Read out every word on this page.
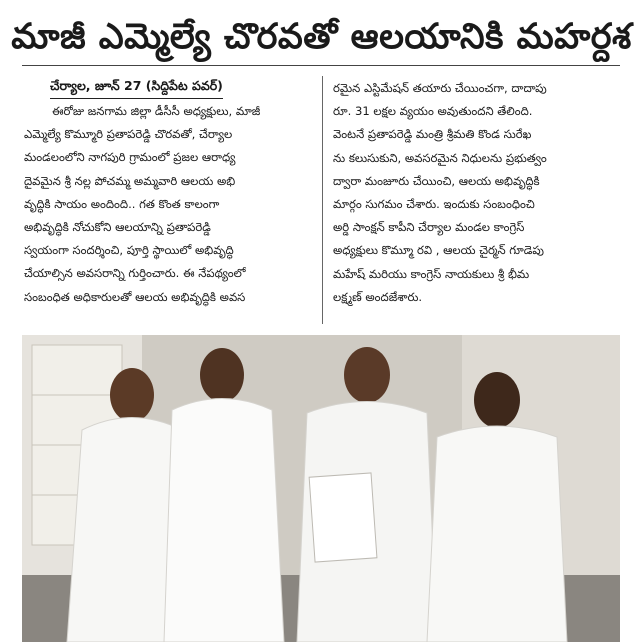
మాజీ ఎమ్మెల్యే చొరవతో ఆలయానికి మహర్దశ
చేర్యాల, జూన్ 27 (సిద్దిపేట పవర్)

ఈరోజు జనగామ జిల్లా డీసీసీ అధ్యక్షులు, మాజీ

ఎమ్మెల్యే కొమ్మూరి ప్రతాపరెడ్డి చొరవతో, చేర్యాల

మండలంలోని నాగపురి గ్రామంలో ప్రజల ఆరాధ్య

దైవమైన శ్రీ నల్ల పోచమ్మ అమ్మవారి ఆలయ అభి

వృద్ధికి సాయం అందింది.. గత కొంత కాలంగా

అభివృద్ధికి నోచుకోని ఆలయాన్ని ప్రతాపరెడ్డి

స్వయంగా సందర్శించి, పూర్తి స్థాయిలో అభివృద్ధి

చేయాల్సిన అవసరాన్ని గుర్తించారు. ఈ నేపథ్యంలో

సంబంధిత అధికారులతో ఆలయ అభివృద్ధికి అవస

రమైన ఎస్టిమేషన్ తయారు చేయించగా, దాదాపు

రూ. 31 లక్షల వ్యయం అవుతుందని తేలింది.

వెంటనే ప్రతాపరెడ్డి మంత్రి శ్రీమతి కొండ సురేఖ

ను కలుసుకుని, అవసరమైన నిధులను ప్రభుత్వం

ద్వారా మంజూరు చేయించి, ఆలయ అభివృద్ధికి

మార్గం సుగమం చేశారు. ఇందుకు సంబంధించి

అర్డి సాంక్షన్ కాపీని చేర్యాల మండల కాంగ్రెస్

అధ్యక్షులు కొమ్మూ రవి , ఆలయ చైర్మన్ గూడెపు

మహేష్ మరియు కాంగ్రెస్ నాయకులు శ్రీ భీమ

లక్ష్మణ్ అందజేశారు.
